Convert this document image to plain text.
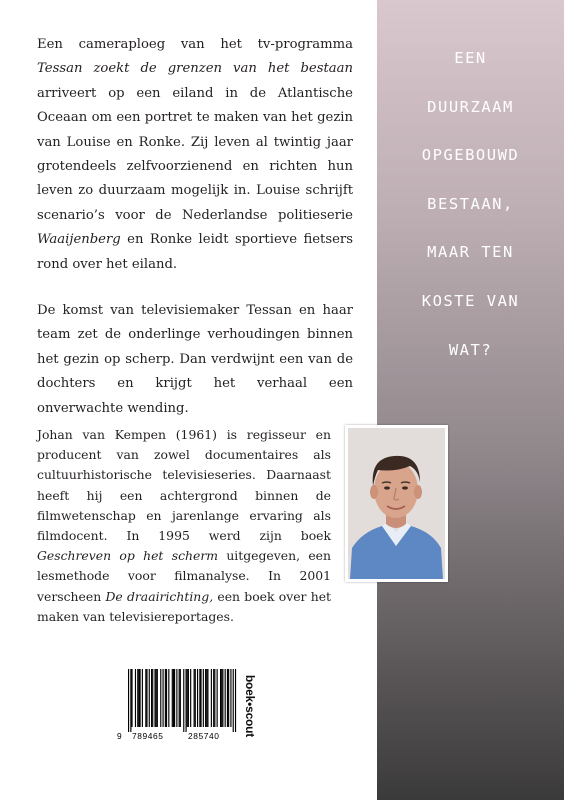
EEN
DUURZAAM
OPGEBOUWD
BESTAAN,
MAAR TEN
KOSTE VAN
WAT?

Een cameraploeg van het tv-programma Tessan zoekt de grenzen van het bestaan arriveert op een eiland in de Atlantische Oceaan om een portret te maken van het gezin van Louise en Ronke. Zij leven al twintig jaar grotendeels zelfvoorzienend en richten hun leven zo duurzaam mogelijk in. Louise schrijft scenario’s voor de Nederlandse politieserie Waaijenberg en Ronke leidt sportieve fietsers rond over het eiland.

De komst van televisiemaker Tessan en haar team zet de onderlinge verhoudingen binnen het gezin op scherp. Dan verdwijnt een van de dochters en krijgt het verhaal een onverwachte wending.

Johan van Kempen (1961) is regisseur en producent van zowel documentaires als cultuurhistorische televisieseries. Daarnaast heeft hij een achtergrond binnen de filmwetenschap en jarenlange ervaring als filmdocent. In 1995 werd zijn boek Geschreven op het scherm uitgegeven, een lesmethode voor filmanalyse. In 2001 verscheen De draairichting, een boek over het maken van televisiereportages.
9 789465	285740 boek•scout
